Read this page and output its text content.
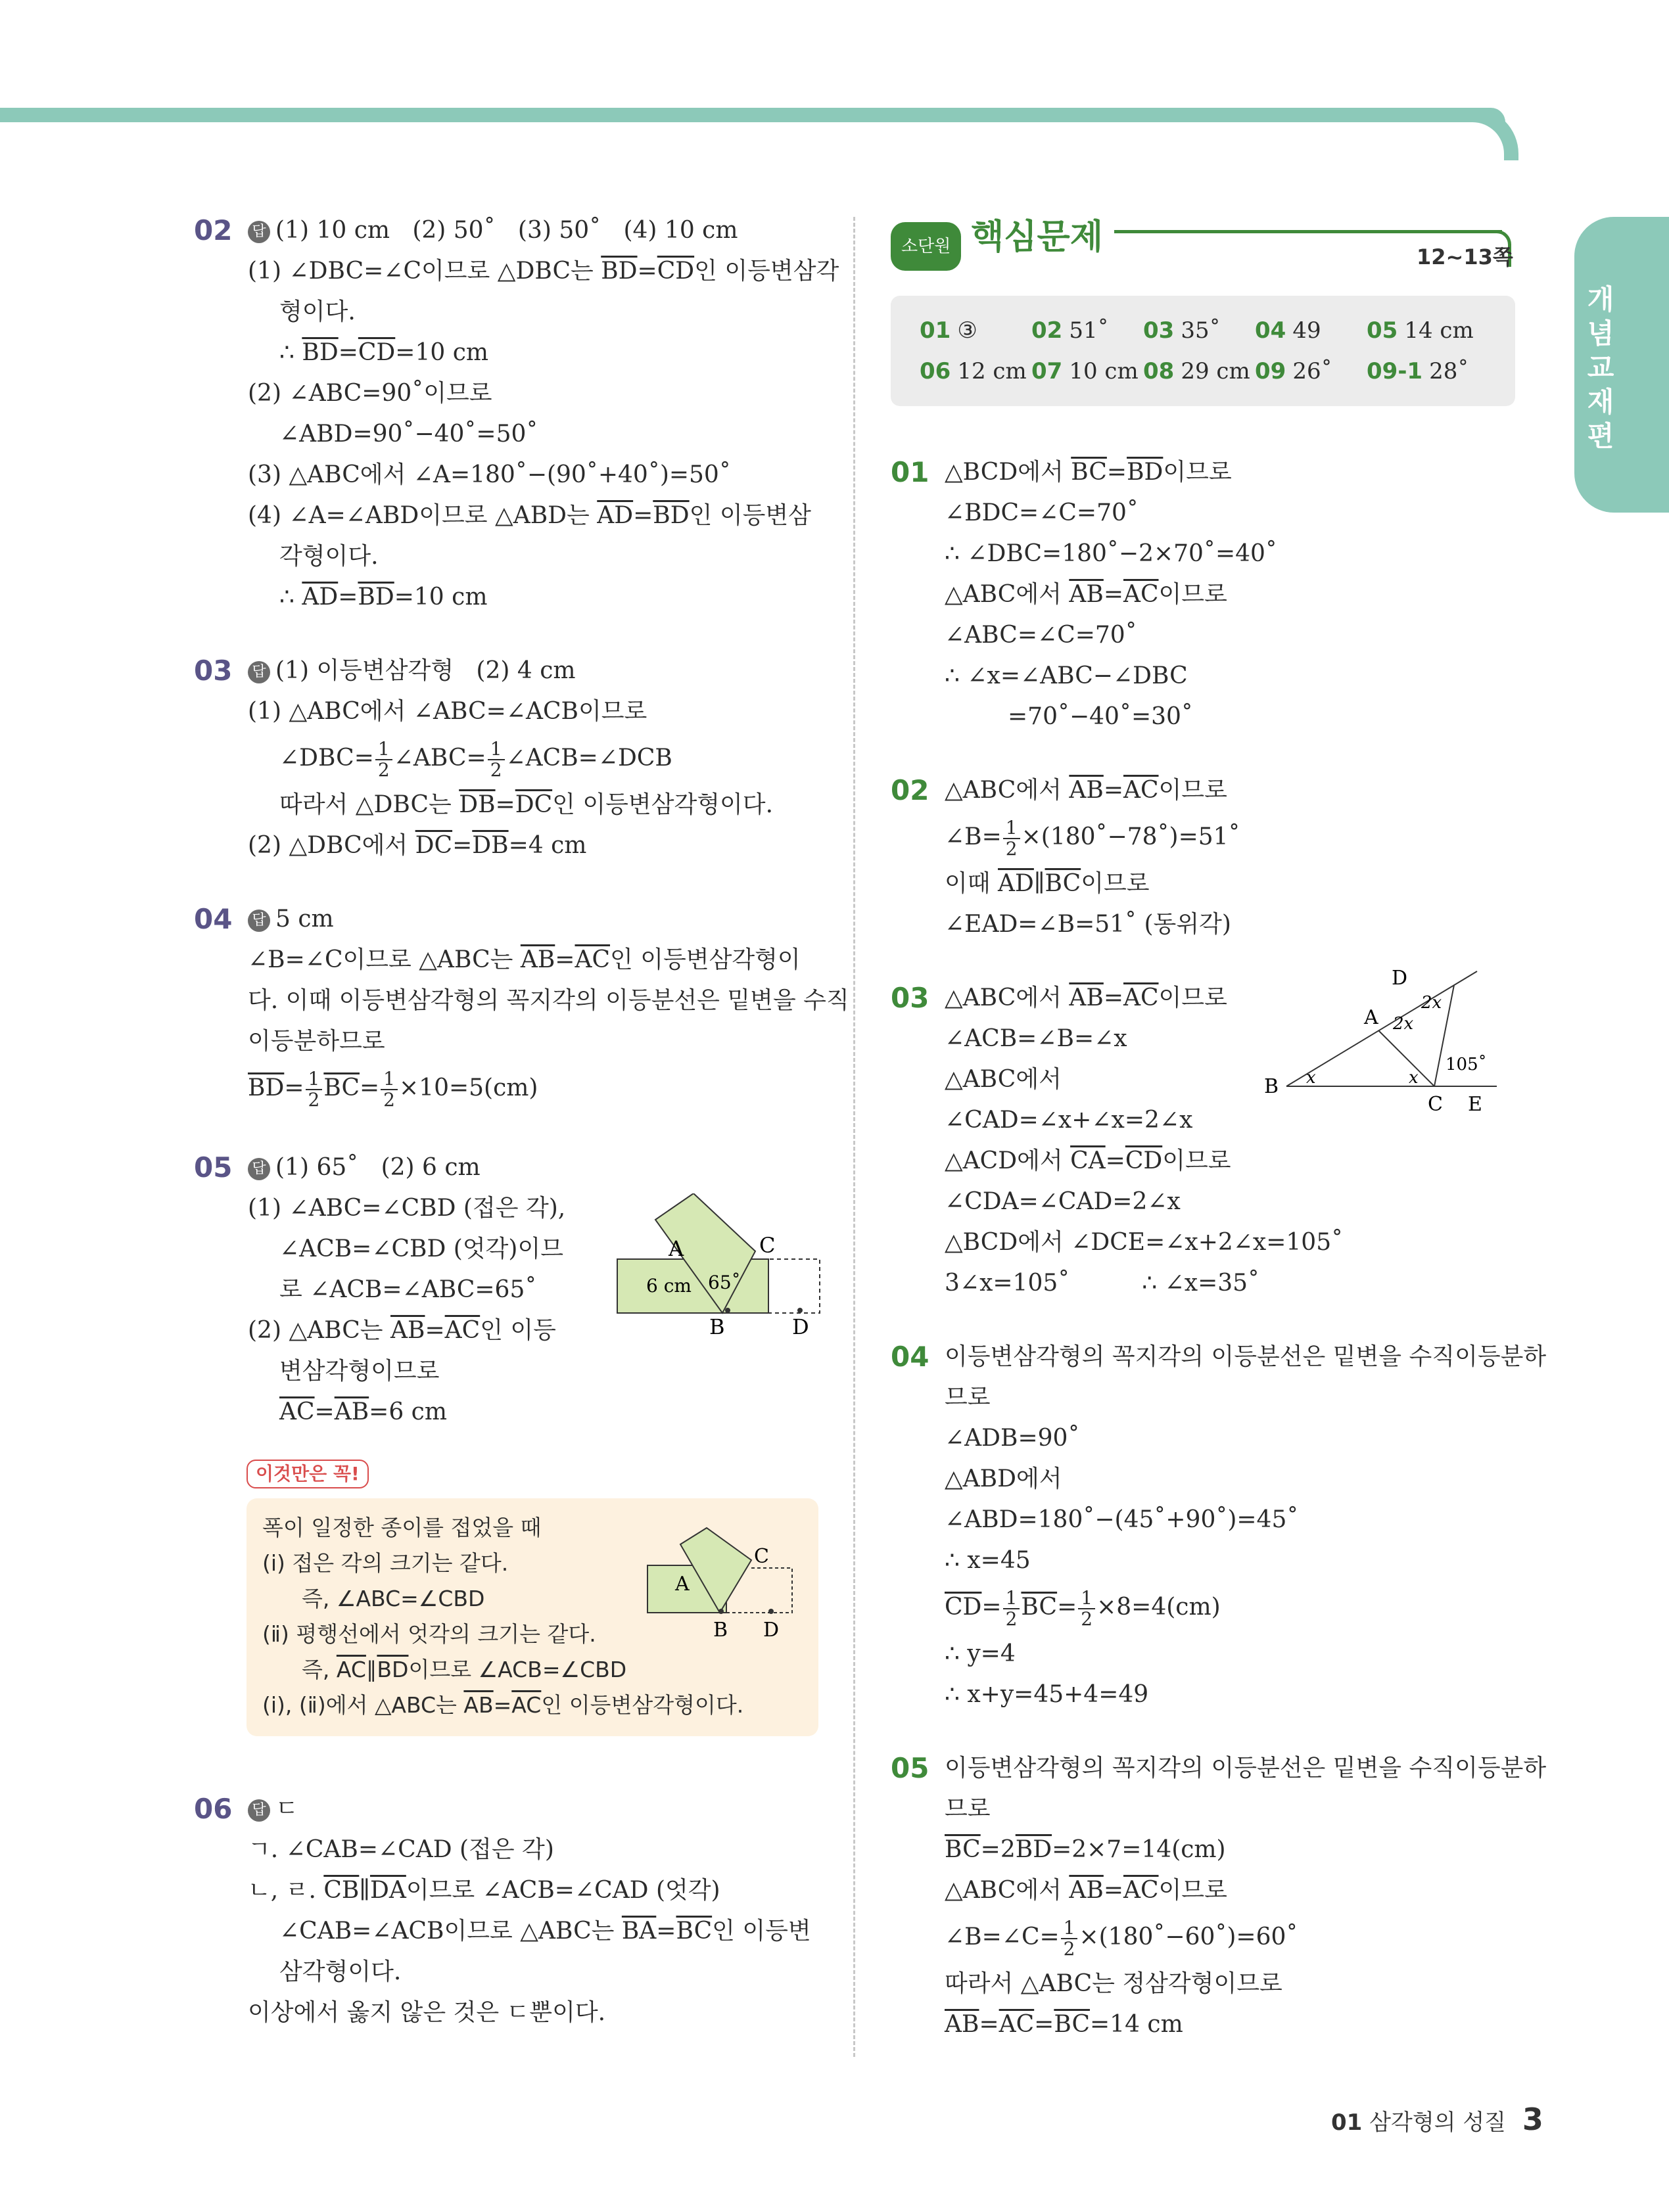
개념교재편
02 답 (1) 10 cm   (2) 50˚   (3) 50˚   (4) 10 cm
(1) ∠DBC=∠C이므로 △DBC는 $\overline{BD}=\overline{CD}$인 이등변삼각
형이다.
∴ $\overline{BD}=\overline{CD}=10$ cm
(2) ∠ABC=90˚이므로
∠ABD=90˚−40˚=50˚
(3) △ABC에서 ∠A=180˚−(90˚+40˚)=50˚
(4) ∠A=∠ABD이므로 △ABD는 $\overline{AD}=\overline{BD}$인 이등변삼
각형이다.
∴ $\overline{AD}=\overline{BD}=10$ cm
03 답 (1) 이등변삼각형   (2) 4 cm
(1) △ABC에서 ∠ABC=∠ACB이므로
∠DBC= $\frac{1}{2}$ ∠ABC= $\frac{1}{2}$ ∠ACB=∠DCB
따라서 △DBC는 $\overline{DB}=\overline{DC}$인 이등변삼각형이다.
(2) △DBC에서 $\overline{DC}=\overline{DB}=4$ cm
04 답 5 cm
∠B=∠C이므로 △ABC는 $\overline{AB}=\overline{AC}$인 이등변삼각형이
다. 이때 이등변삼각형의 꼭지각의 이등분선은 밑변을 수직
이등분하므로
$\overline{BD}= \frac{1}{2} \overline{BC}= \frac{1}{2} \times 10=5(cm)$
05 답 (1) 65˚   (2) 6 cm
(1) ∠ABC=∠CBD (접은 각),
∠ACB=∠CBD (엇각)이므
로 ∠ACB=∠ABC=65˚
(2) △ABC는 $\overline{AB}=\overline{AC}$인 이등
변삼각형이므로
$\overline{AC}=\overline{AB}=6$ cm
A	C
B	D
6 cm 65˚
이것만은 꼭!
폭이 일정한 종이를 접었을 때
(ⅰ) 접은 각의 크기는 같다.
즉, ∠ABC=∠CBD
(ⅱ) 평행선에서 엇각의 크기는 같다.
즉, $\overline{AC}\parallel\overline{BD}$이므로 ∠ACB=∠CBD
(ⅰ), (ⅱ)에서 △ABC는 $\overline{AB}=\overline{AC}$인 이등변삼각형이다.
A
C
B D
06 답 ㄷ
ㄱ. ∠CAB=∠CAD (접은 각)
ㄴ, ㄹ. $\overline{CB}\parallel\overline{DA}$이므로 ∠ACB=∠CAD (엇각)
∠CAB=∠ACB이므로 △ABC는 $\overline{BA}=\overline{BC}$인 이등변
삼각형이다.
이상에서 옳지 않은 것은 ㄷ뿐이다.
소단원 핵심문제	12~13쪽
01 ③	02 51˚	03 35˚	04 49	05 14 cm
06 12 cm 07 10 cm 08 29 cm 09 26˚	09-1 28˚
01 △BCD에서 $\overline{BC}=\overline{BD}$이므로
∠BDC=∠C=70˚
∴ ∠DBC=180˚−2×70˚=40˚
△ABC에서 $\overline{AB}=\overline{AC}$이므로
∠ABC=∠C=70˚
∴ ∠x=∠ABC−∠DBC
=70˚−40˚=30˚
02 △ABC에서 $\overline{AB}=\overline{AC}$이므로
∠B= $\frac{1}{2}$ ×(180˚−78˚)=51˚
이때 $\overline{AD}\parallel\overline{BC}$이므로
∠EAD=∠B=51˚ (동위각)
03 △ABC에서 $\overline{AB}=\overline{AC}$이므로
∠ACB=∠B=∠x
△ABC에서
∠CAD=∠x+∠x=2∠x
△ACD에서 $\overline{CA}=\overline{CD}$이므로
∠CDA=∠CAD=2∠x
△BCD에서 ∠DCE=∠x+2∠x=105˚
3∠x=105˚	∴ ∠x=35˚
D
A
B
C E
x	x
2x
2x
105˚
04 이등변삼각형의 꼭지각의 이등분선은 밑변을 수직이등분하
므로
∠ADB=90˚
△ABD에서
∠ABD=180˚−(45˚+90˚)=45˚
∴ x=45
$\overline{CD}= \frac{1}{2} \overline{BC}= \frac{1}{2} \times 8=4(cm)$
∴ y=4
∴ x+y=45+4=49
05 이등변삼각형의 꼭지각의 이등분선은 밑변을 수직이등분하
므로
$\overline{BC}=2\overline{BD}=2\times 7=14(cm)$
△ABC에서 $\overline{AB}=\overline{AC}$이므로
∠B=∠C= $\frac{1}{2}$ ×(180˚−60˚)=60˚
따라서 △ABC는 정삼각형이므로
$\overline{AB}=\overline{AC}=\overline{BC}=14$ cm
01 삼각형의 성질 3
